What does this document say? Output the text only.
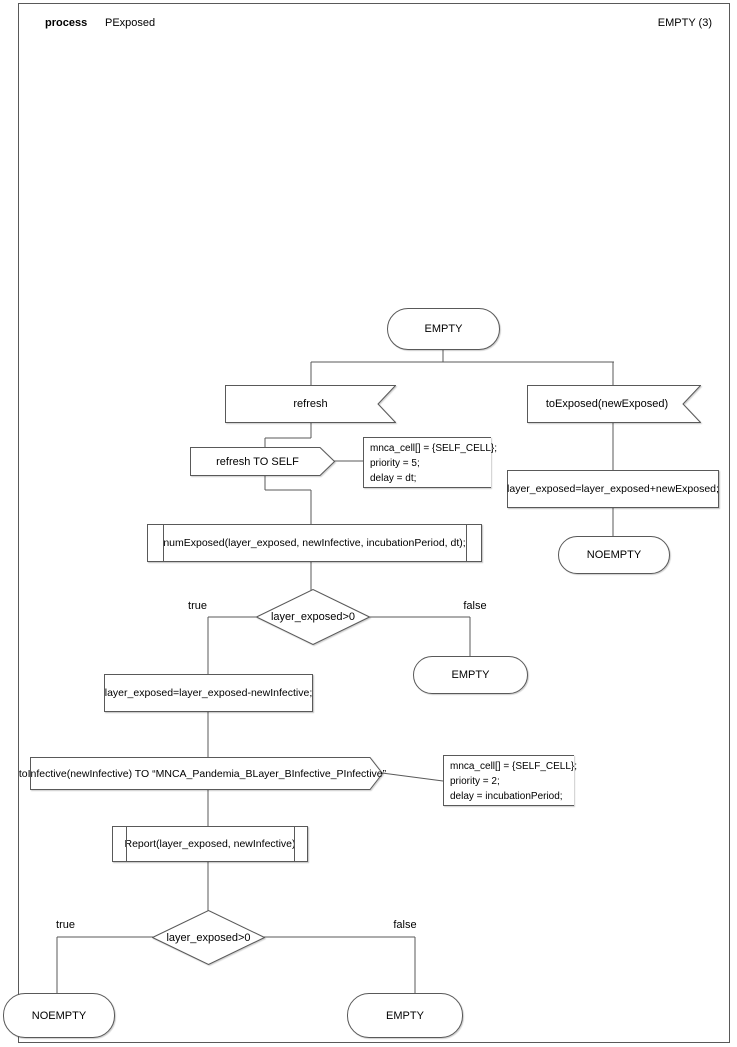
process PExposed	EMPTY (3)
EMPTY
refresh	toExposed(newExposed)
refresh TO SELF
mnca_cell[] = {SELF_CELL};
priority = 5;
delay = dt;
layer_exposed=layer_exposed+newExposed;
NOEMPTY
numExposed(layer_exposed, newInfective, incubationPeriod, dt);
layer_exposed>0
true	false
EMPTY
layer_exposed=layer_exposed-newInfective;
toInfective(newInfective) TO “MNCA_Pandemia_BLayer_BInfective_PInfective”
mnca_cell[] = {SELF_CELL};
priority = 2;
delay = incubationPeriod;
Report(layer_exposed, newInfective)
layer_exposed>0
true	false
NOEMPTY	EMPTY
